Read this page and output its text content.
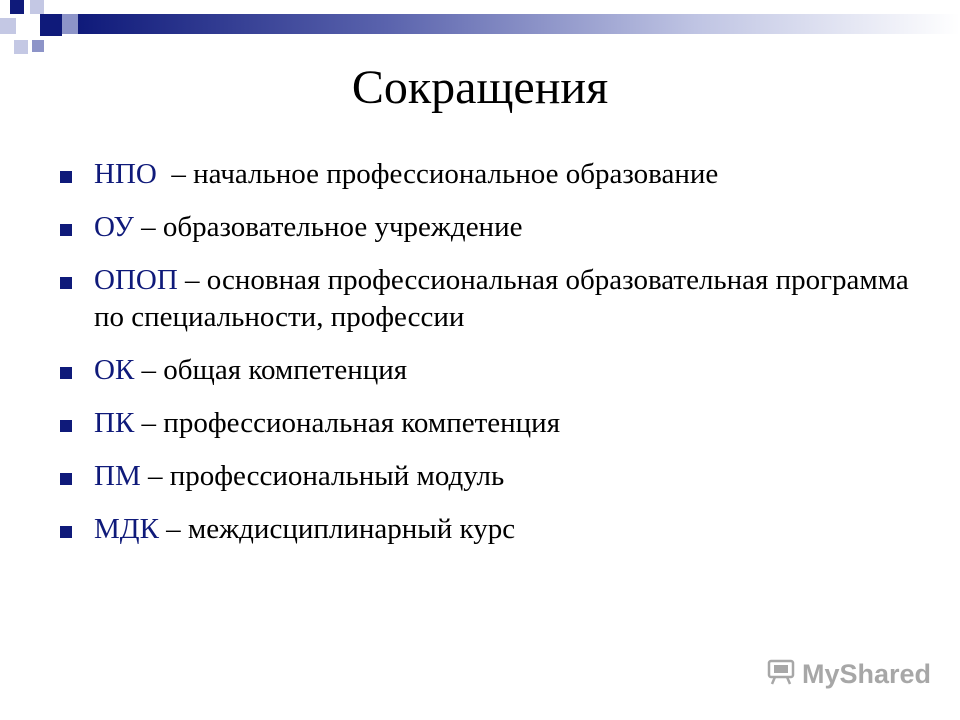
Сокращения
НПО  – начальное профессиональное образование
ОУ – образовательное учреждение
ОПОП – основная профессиональная образовательная программа по специальности, профессии
ОК – общая компетенция
ПК – профессиональная компетенция
ПМ – профессиональный модуль
МДК – междисциплинарный курс
MyShared
